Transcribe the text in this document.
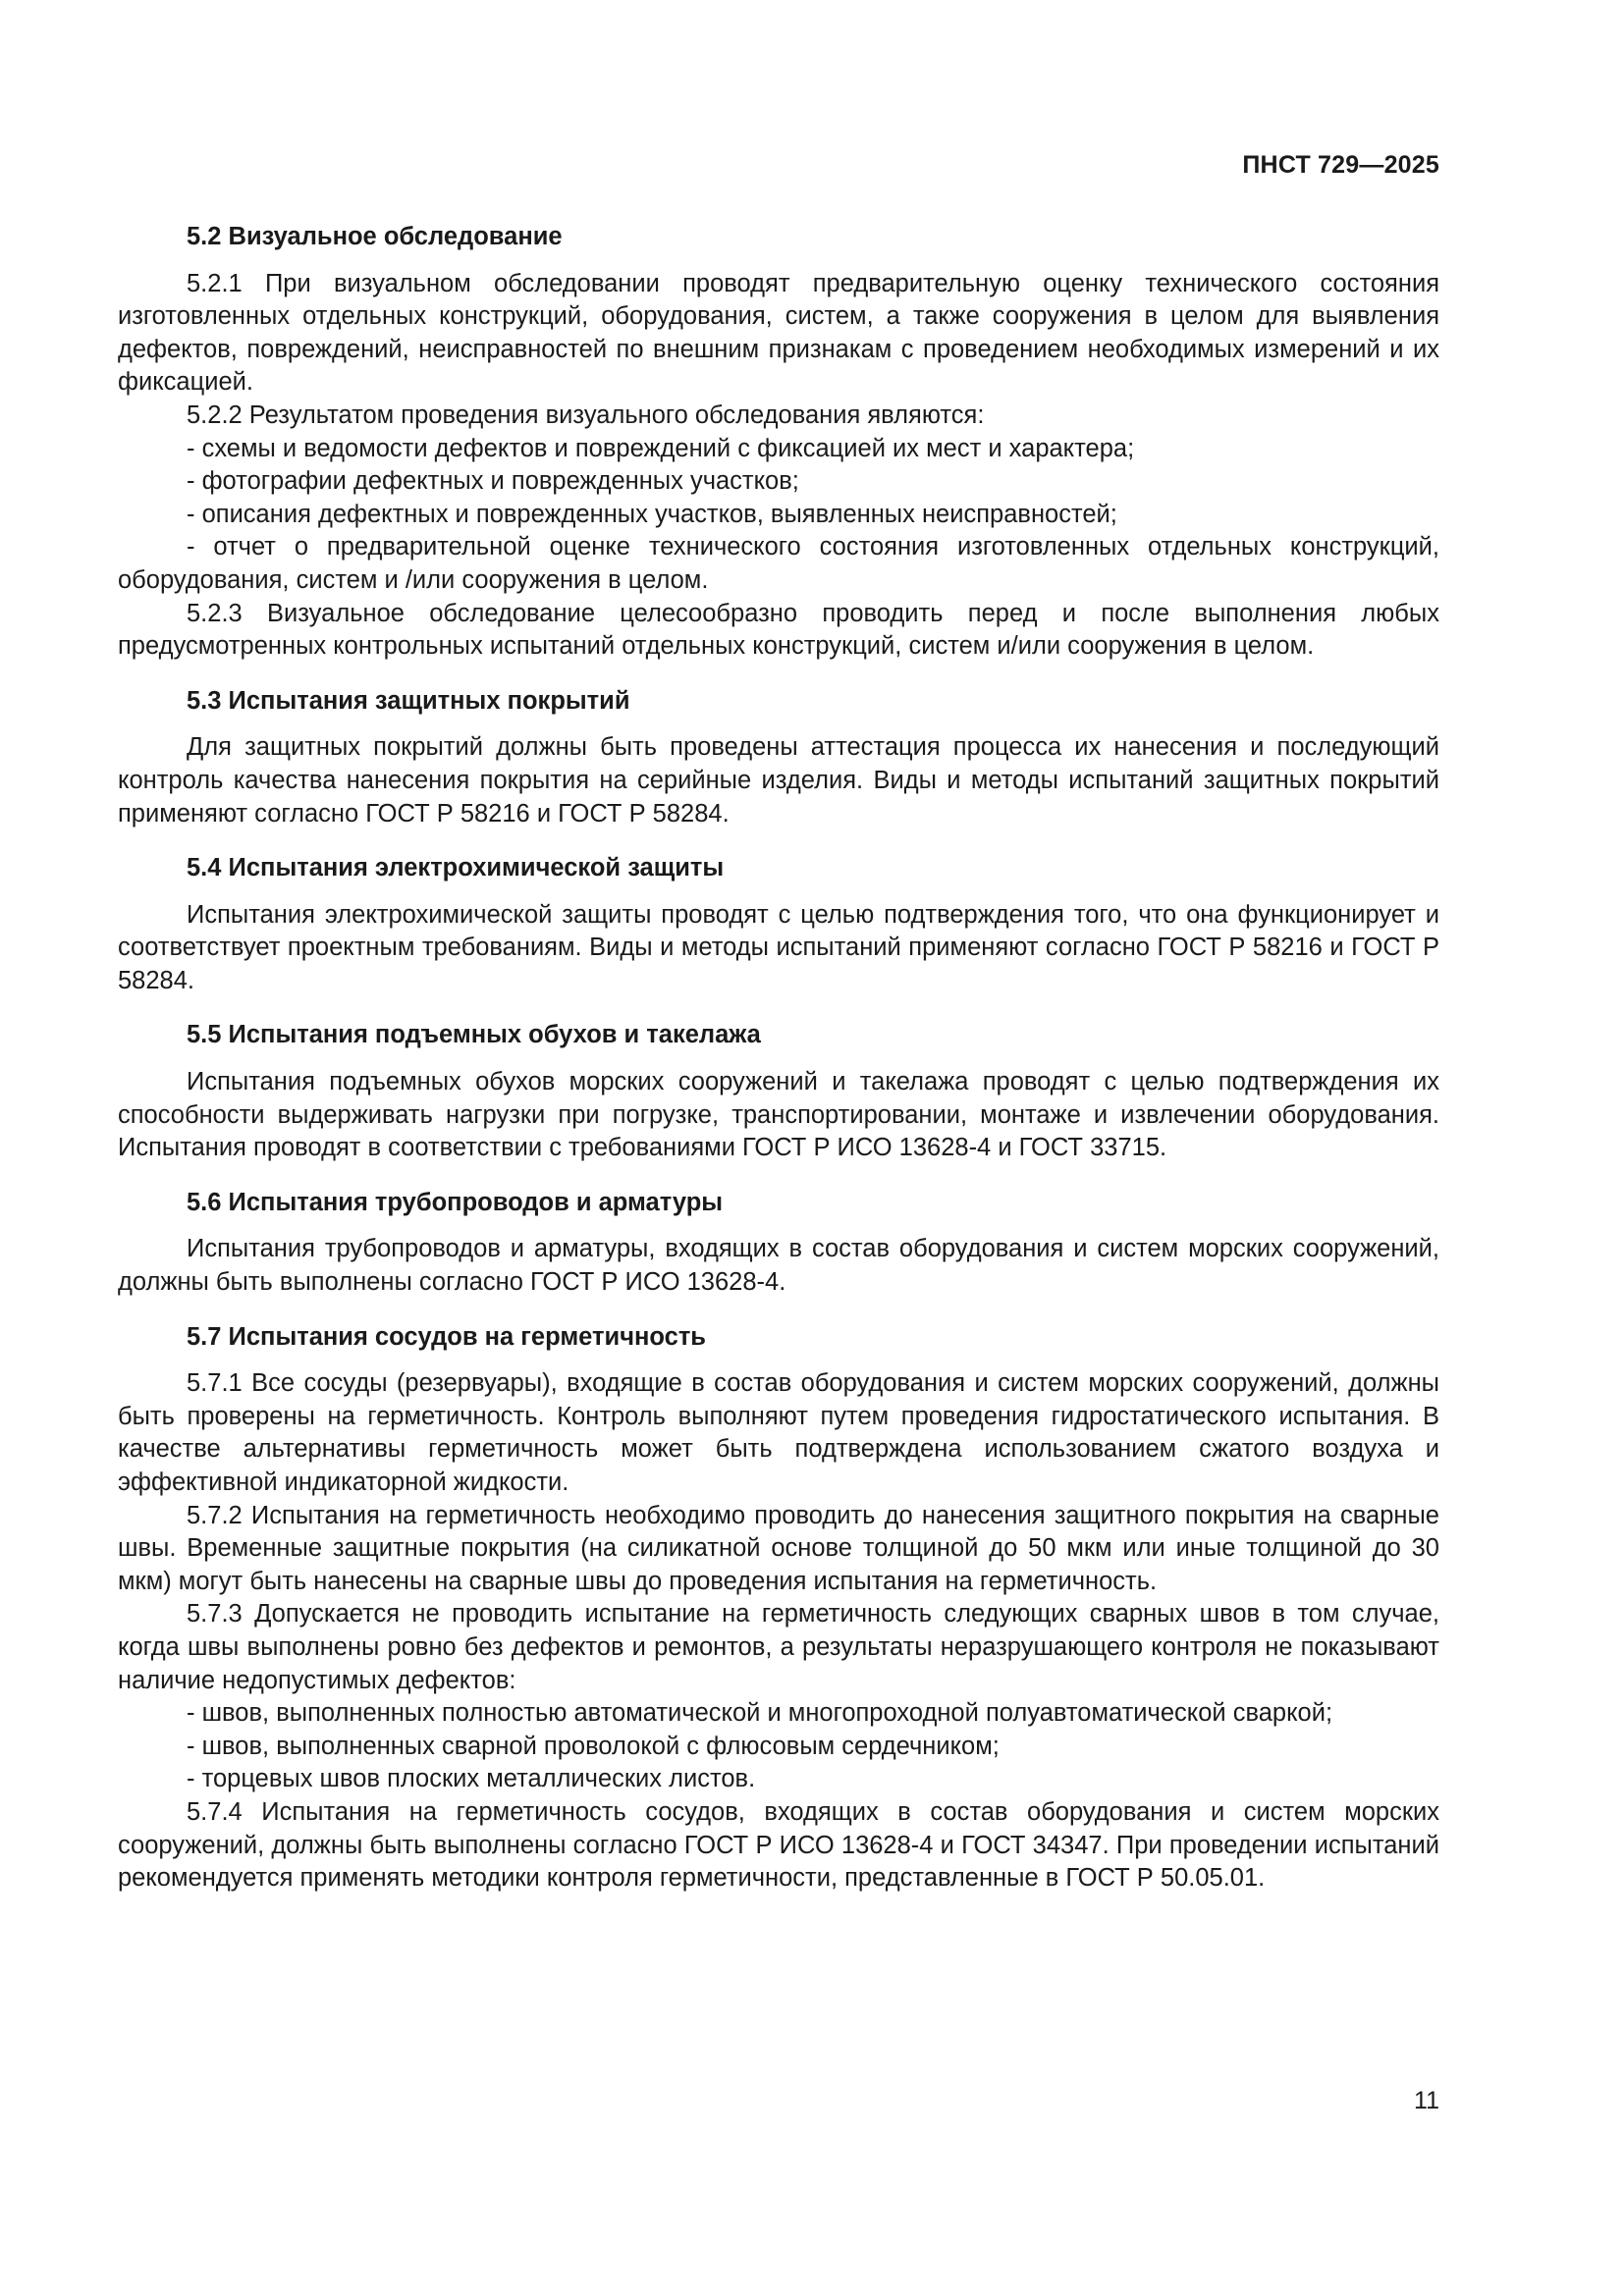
ПНСТ 729—2025
5.2 Визуальное обследование

5.2.1 При визуальном обследовании проводят предварительную оценку технического состояния изготовленных отдельных конструкций, оборудования, систем, а также сооружения в целом для выявления дефектов, повреждений, неисправностей по внешним признакам с проведением необходимых измерений и их фиксацией.

5.2.2 Результатом проведения визуального обследования являются:

- схемы и ведомости дефектов и повреждений с фиксацией их мест и характера;

- фотографии дефектных и поврежденных участков;

- описания дефектных и поврежденных участков, выявленных неисправностей;

- отчет о предварительной оценке технического состояния изготовленных отдельных конструкций, оборудования, систем и /или сооружения в целом.

5.2.3 Визуальное обследование целесообразно проводить перед и после выполнения любых предусмотренных контрольных испытаний отдельных конструкций, систем и/или сооружения в целом.

5.3 Испытания защитных покрытий

Для защитных покрытий должны быть проведены аттестация процесса их нанесения и последующий контроль качества нанесения покрытия на серийные изделия. Виды и методы испытаний защитных покрытий применяют согласно ГОСТ Р 58216 и ГОСТ Р 58284.

5.4 Испытания электрохимической защиты

Испытания электрохимической защиты проводят с целью подтверждения того, что она функционирует и соответствует проектным требованиям. Виды и методы испытаний применяют согласно ГОСТ Р 58216 и ГОСТ Р 58284.

5.5 Испытания подъемных обухов и такелажа

Испытания подъемных обухов морских сооружений и такелажа проводят с целью подтверждения их способности выдерживать нагрузки при погрузке, транспортировании, монтаже и извлечении оборудования. Испытания проводят в соответствии с требованиями ГОСТ Р ИСО 13628-4 и ГОСТ 33715.

5.6 Испытания трубопроводов и арматуры

Испытания трубопроводов и арматуры, входящих в состав оборудования и систем морских сооружений, должны быть выполнены согласно ГОСТ Р ИСО 13628-4.

5.7 Испытания сосудов на герметичность

5.7.1 Все сосуды (резервуары), входящие в состав оборудования и систем морских сооружений, должны быть проверены на герметичность. Контроль выполняют путем проведения гидростатического испытания. В качестве альтернативы герметичность может быть подтверждена использованием сжатого воздуха и эффективной индикаторной жидкости.

5.7.2 Испытания на герметичность необходимо проводить до нанесения защитного покрытия на сварные швы. Временные защитные покрытия (на силикатной основе толщиной до 50 мкм или иные толщиной до 30 мкм) могут быть нанесены на сварные швы до проведения испытания на герметичность.

5.7.3 Допускается не проводить испытание на герметичность следующих сварных швов в том случае, когда швы выполнены ровно без дефектов и ремонтов, а результаты неразрушающего контроля не показывают наличие недопустимых дефектов:

- швов, выполненных полностью автоматической и многопроходной полуавтоматической сваркой;

- швов, выполненных сварной проволокой с флюсовым сердечником;

- торцевых швов плоских металлических листов.

5.7.4 Испытания на герметичность сосудов, входящих в состав оборудования и систем морских сооружений, должны быть выполнены согласно ГОСТ Р ИСО 13628-4 и ГОСТ 34347. При проведении испытаний рекомендуется применять методики контроля герметичности, представленные в ГОСТ Р 50.05.01.

11
